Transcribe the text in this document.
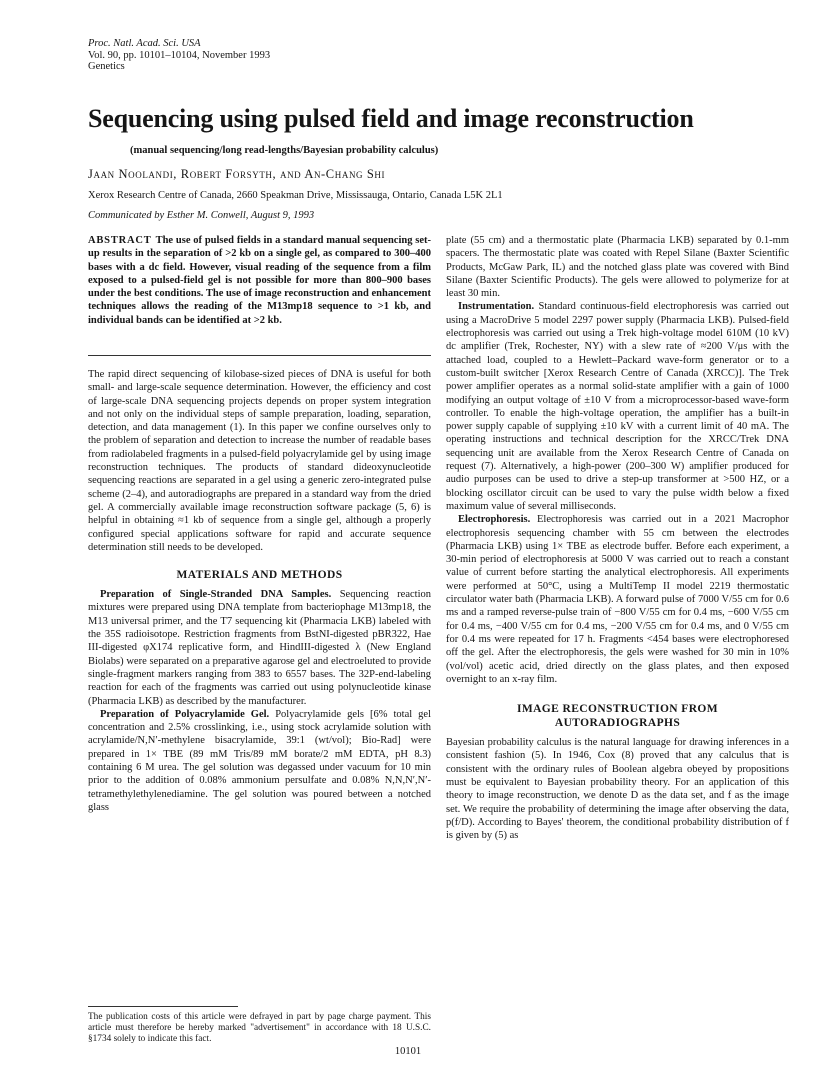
Proc. Natl. Acad. Sci. USA
Vol. 90, pp. 10101–10104, November 1993
Genetics
Sequencing using pulsed field and image reconstruction
(manual sequencing/long read-lengths/Bayesian probability calculus)
Jaan Noolandi, Robert Forsyth, and An-Chang Shi
Xerox Research Centre of Canada, 2660 Speakman Drive, Mississauga, Ontario, Canada L5K 2L1
Communicated by Esther M. Conwell, August 9, 1993

ABSTRACT The use of pulsed fields in a standard manual sequencing set-up results in the separation of >2 kb on a single gel, as compared to 300–400 bases with a dc field. However, visual reading of the sequence from a film exposed to a pulsed-field gel is not possible for more than 800–900 bases under the best conditions. The use of image reconstruction and enhancement techniques allows the reading of the M13mp18 sequence to >1 kb, and individual bands can be identified at >2 kb.

The rapid direct sequencing of kilobase-sized pieces of DNA is useful for both small- and large-scale sequence determination. However, the efficiency and cost of large-scale DNA sequencing projects depends on proper system integration and not only on the individual steps of sample preparation, loading, separation, detection, and data management (1). In this paper we confine ourselves only to the problem of separation and detection to increase the number of readable bases from radiolabeled fragments in a pulsed-field polyacrylamide gel by using image reconstruction techniques. The products of standard dideoxynucleotide sequencing reactions are separated in a gel using a generic zero-integrated pulse scheme (2–4), and autoradiographs are prepared in a standard way from the dried gel. A commercially available image reconstruction software package (5, 6) is helpful in obtaining ≈1 kb of sequence from a single gel, although a properly configured special applications software for rapid and accurate sequence determination still needs to be developed.

MATERIALS AND METHODS

Preparation of Single-Stranded DNA Samples. Sequencing reaction mixtures were prepared using DNA template from bacteriophage M13mp18, the M13 universal primer, and the T7 sequencing kit (Pharmacia LKB) labeled with the 35S radioisotope. Restriction fragments from BstNI-digested pBR322, Hae III-digested φX174 replicative form, and HindIII-digested λ (New England Biolabs) were separated on a preparative agarose gel and electroeluted to provide single-fragment markers ranging from 383 to 6557 bases. The 32P-end-labeling reaction for each of the fragments was carried out using polynucleotide kinase (Pharmacia LKB) as described by the manufacturer.

Preparation of Polyacrylamide Gel. Polyacrylamide gels [6% total gel concentration and 2.5% crosslinking, i.e., using stock acrylamide solution with acrylamide/N,N′-methylene bisacrylamide, 39:1 (wt/vol); Bio-Rad] were prepared in 1× TBE (89 mM Tris/89 mM borate/2 mM EDTA, pH 8.3) containing 6 M urea. The gel solution was degassed under vacuum for 10 min prior to the addition of 0.08% ammonium persulfate and 0.08% N,N,N′,N′-tetramethylethylenediamine. The gel solution was poured between a notched glass

The publication costs of this article were defrayed in part by page charge payment. This article must therefore be hereby marked "advertisement" in accordance with 18 U.S.C. §1734 solely to indicate this fact.

plate (55 cm) and a thermostatic plate (Pharmacia LKB) separated by 0.1-mm spacers. The thermostatic plate was coated with Repel Silane (Baxter Scientific Products, McGaw Park, IL) and the notched glass plate was covered with Bind Silane (Baxter Scientific Products). The gels were allowed to polymerize for at least 30 min.

Instrumentation. Standard continuous-field electrophoresis was carried out using a MacroDrive 5 model 2297 power supply (Pharmacia LKB). Pulsed-field electrophoresis was carried out using a Trek high-voltage model 610M (10 kV) dc amplifier (Trek, Rochester, NY) with a slew rate of ≈200 V/μs with the attached load, coupled to a Hewlett–Packard wave-form generator or to a custom-built switcher [Xerox Research Centre of Canada (XRCC)]. The Trek power amplifier operates as a normal solid-state amplifier with a gain of 1000 modifying an output voltage of ±10 V from a microprocessor-based wave-form controller. To enable the high-voltage operation, the amplifier has a built-in power supply capable of supplying ±10 kV with a current limit of 40 mA. The operating instructions and technical description for the XRCC/Trek DNA sequencing unit are available from the Xerox Research Centre of Canada on request (7). Alternatively, a high-power (200–300 W) amplifier produced for audio purposes can be used to drive a step-up transformer at >500 HZ, or a blocking oscillator circuit can be used to vary the pulse width below a fixed maximum value of several milliseconds.

Electrophoresis. Electrophoresis was carried out in a 2021 Macrophor electrophoresis sequencing chamber with 55 cm between the electrodes (Pharmacia LKB) using 1× TBE as electrode buffer. Before each experiment, a 30-min period of electrophoresis at 5000 V was carried out to reach a constant value of current before starting the analytical electrophoresis. All experiments were performed at 50°C, using a MultiTemp II model 2219 thermostatic circulator water bath (Pharmacia LKB). A forward pulse of 7000 V/55 cm for 0.6 ms and a ramped reverse-pulse train of −800 V/55 cm for 0.4 ms, −600 V/55 cm for 0.4 ms, −400 V/55 cm for 0.4 ms, −200 V/55 cm for 0.4 ms, and 0 V/55 cm for 0.4 ms were repeated for 17 h. Fragments <454 bases were electrophoresed off the gel. After the electrophoresis, the gels were washed for 30 min in 10% (vol/vol) acetic acid, dried directly on the glass plates, and then exposed overnight to an x-ray film.

IMAGE RECONSTRUCTION FROM
AUTORADIOGRAPHS

Bayesian probability calculus is the natural language for drawing inferences in a consistent fashion (5). In 1946, Cox (8) proved that any calculus that is consistent with the ordinary rules of Boolean algebra obeyed by propositions must be equivalent to Bayesian probability theory. For an application of this theory to image reconstruction, we denote D as the data set, and f as the image set. We require the probability of determining the image after observing the data, p(f/D). According to Bayes' theorem, the conditional probability distribution of f is given by (5) as

10101
